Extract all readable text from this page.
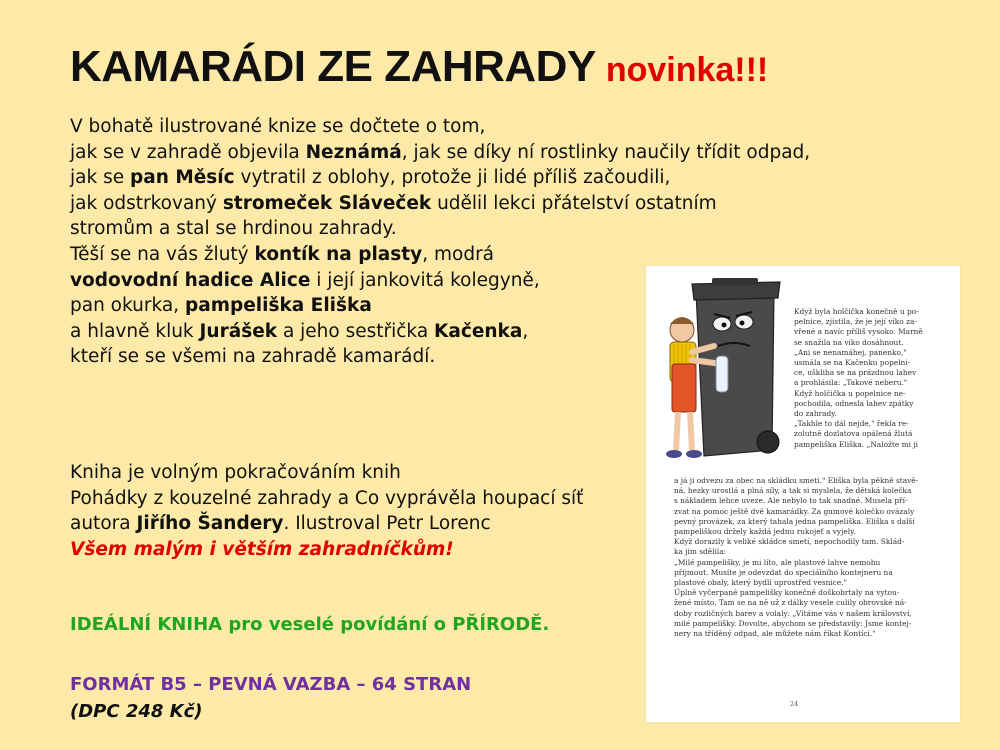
KAMARÁDI ZE ZAHRADY novinka!!!
V bohatě ilustrované knize se dočtete o tom,
jak se v zahradě objevila Neznámá, jak se díky ní rostlinky naučily třídit odpad,
jak se pan Měsíc vytratil z oblohy, protože ji lidé příliš začoudili,
jak odstrkovaný stromeček Sláveček udělil lekci přátelství ostatním
stromům a stal se hrdinou zahrady.
Těší se na vás žlutý kontík na plasty, modrá
vodovodní hadice Alice i její jankovitá kolegyně,
pan okurka, pampeliška Eliška
a hlavně kluk Jurášek a jeho sestřička Kačenka,
kteří se se všemi na zahradě kamarádí.
Kniha je volným pokračováním knih
Pohádky z kouzelné zahrady a Co vyprávěla houpací síť
autora Jiřího Šandery. Ilustroval Petr Lorenc
Všem malým i větším zahradníčkům!
IDEÁLNÍ KNIHA pro veselé povídání o PŘÍRODĚ.
FORMÁT B5 – PEVNÁ VAZBA – 64 STRAN
(DPC 248 Kč)
Když byla holčička konečně u po-
pelnice, zjistila, že je její víko za-
vřené a navíc příliš vysoko. Marně
se snažila na víko dosáhnout.
„Ani se nenamáhej, panenko,"
usmála se na Kačenku popelni-
ce, uškliba se na prázdnou lahev
a prohlásila: „Takové neberu."
Když holčička u popelnice ne-
pochodila, odnesla lahev zpátky
do zahrady.
„Takhle to dál nejde," řekla re-
zolutně dozlatova opálená žlutá
pampeliška Eliška. „Naložte mi ji
a já ji odvezu za obec na skládku smetí." Eliška byla pěkně stavě-
ná, hezky urostlá a plná síly, a tak si myslela, že dětská kolečka
s nákladem lehce uveze. Ale nebylo to tak snadné. Musela pří-
zvat na pomoc ještě dvě kamarádky. Za gumové kolečko ovázaly
pevný provázek, za který tahala jedna pampeliška. Eliška s další
pampeliškou držely každá jednu rukojeť a vyjely.
Když dorazily k veliké skládce smetí, nepochodily tam. Sklád-
ka jim sdělila:
„Milé pampelišky, je mi líto, ale plastové lahve nemohu
přijmout. Musíte je odevzdat do speciálního kontejneru na
plastové obaly, který bydlí uprostřed vesnice."
Úplně vyčerpané pampelišky konečně doškobrtaly na vytou-
žené místo. Tam se na ně už z dálky vesele culily obrovské ná-
doby rozličných barev a volaly: „Vítáme vás v našem království,
milé pampelišky. Dovolte, abychom se představily: Jsme kontej-
nery na tříděný odpad, ale můžete nám říkat Kontíci."
24
